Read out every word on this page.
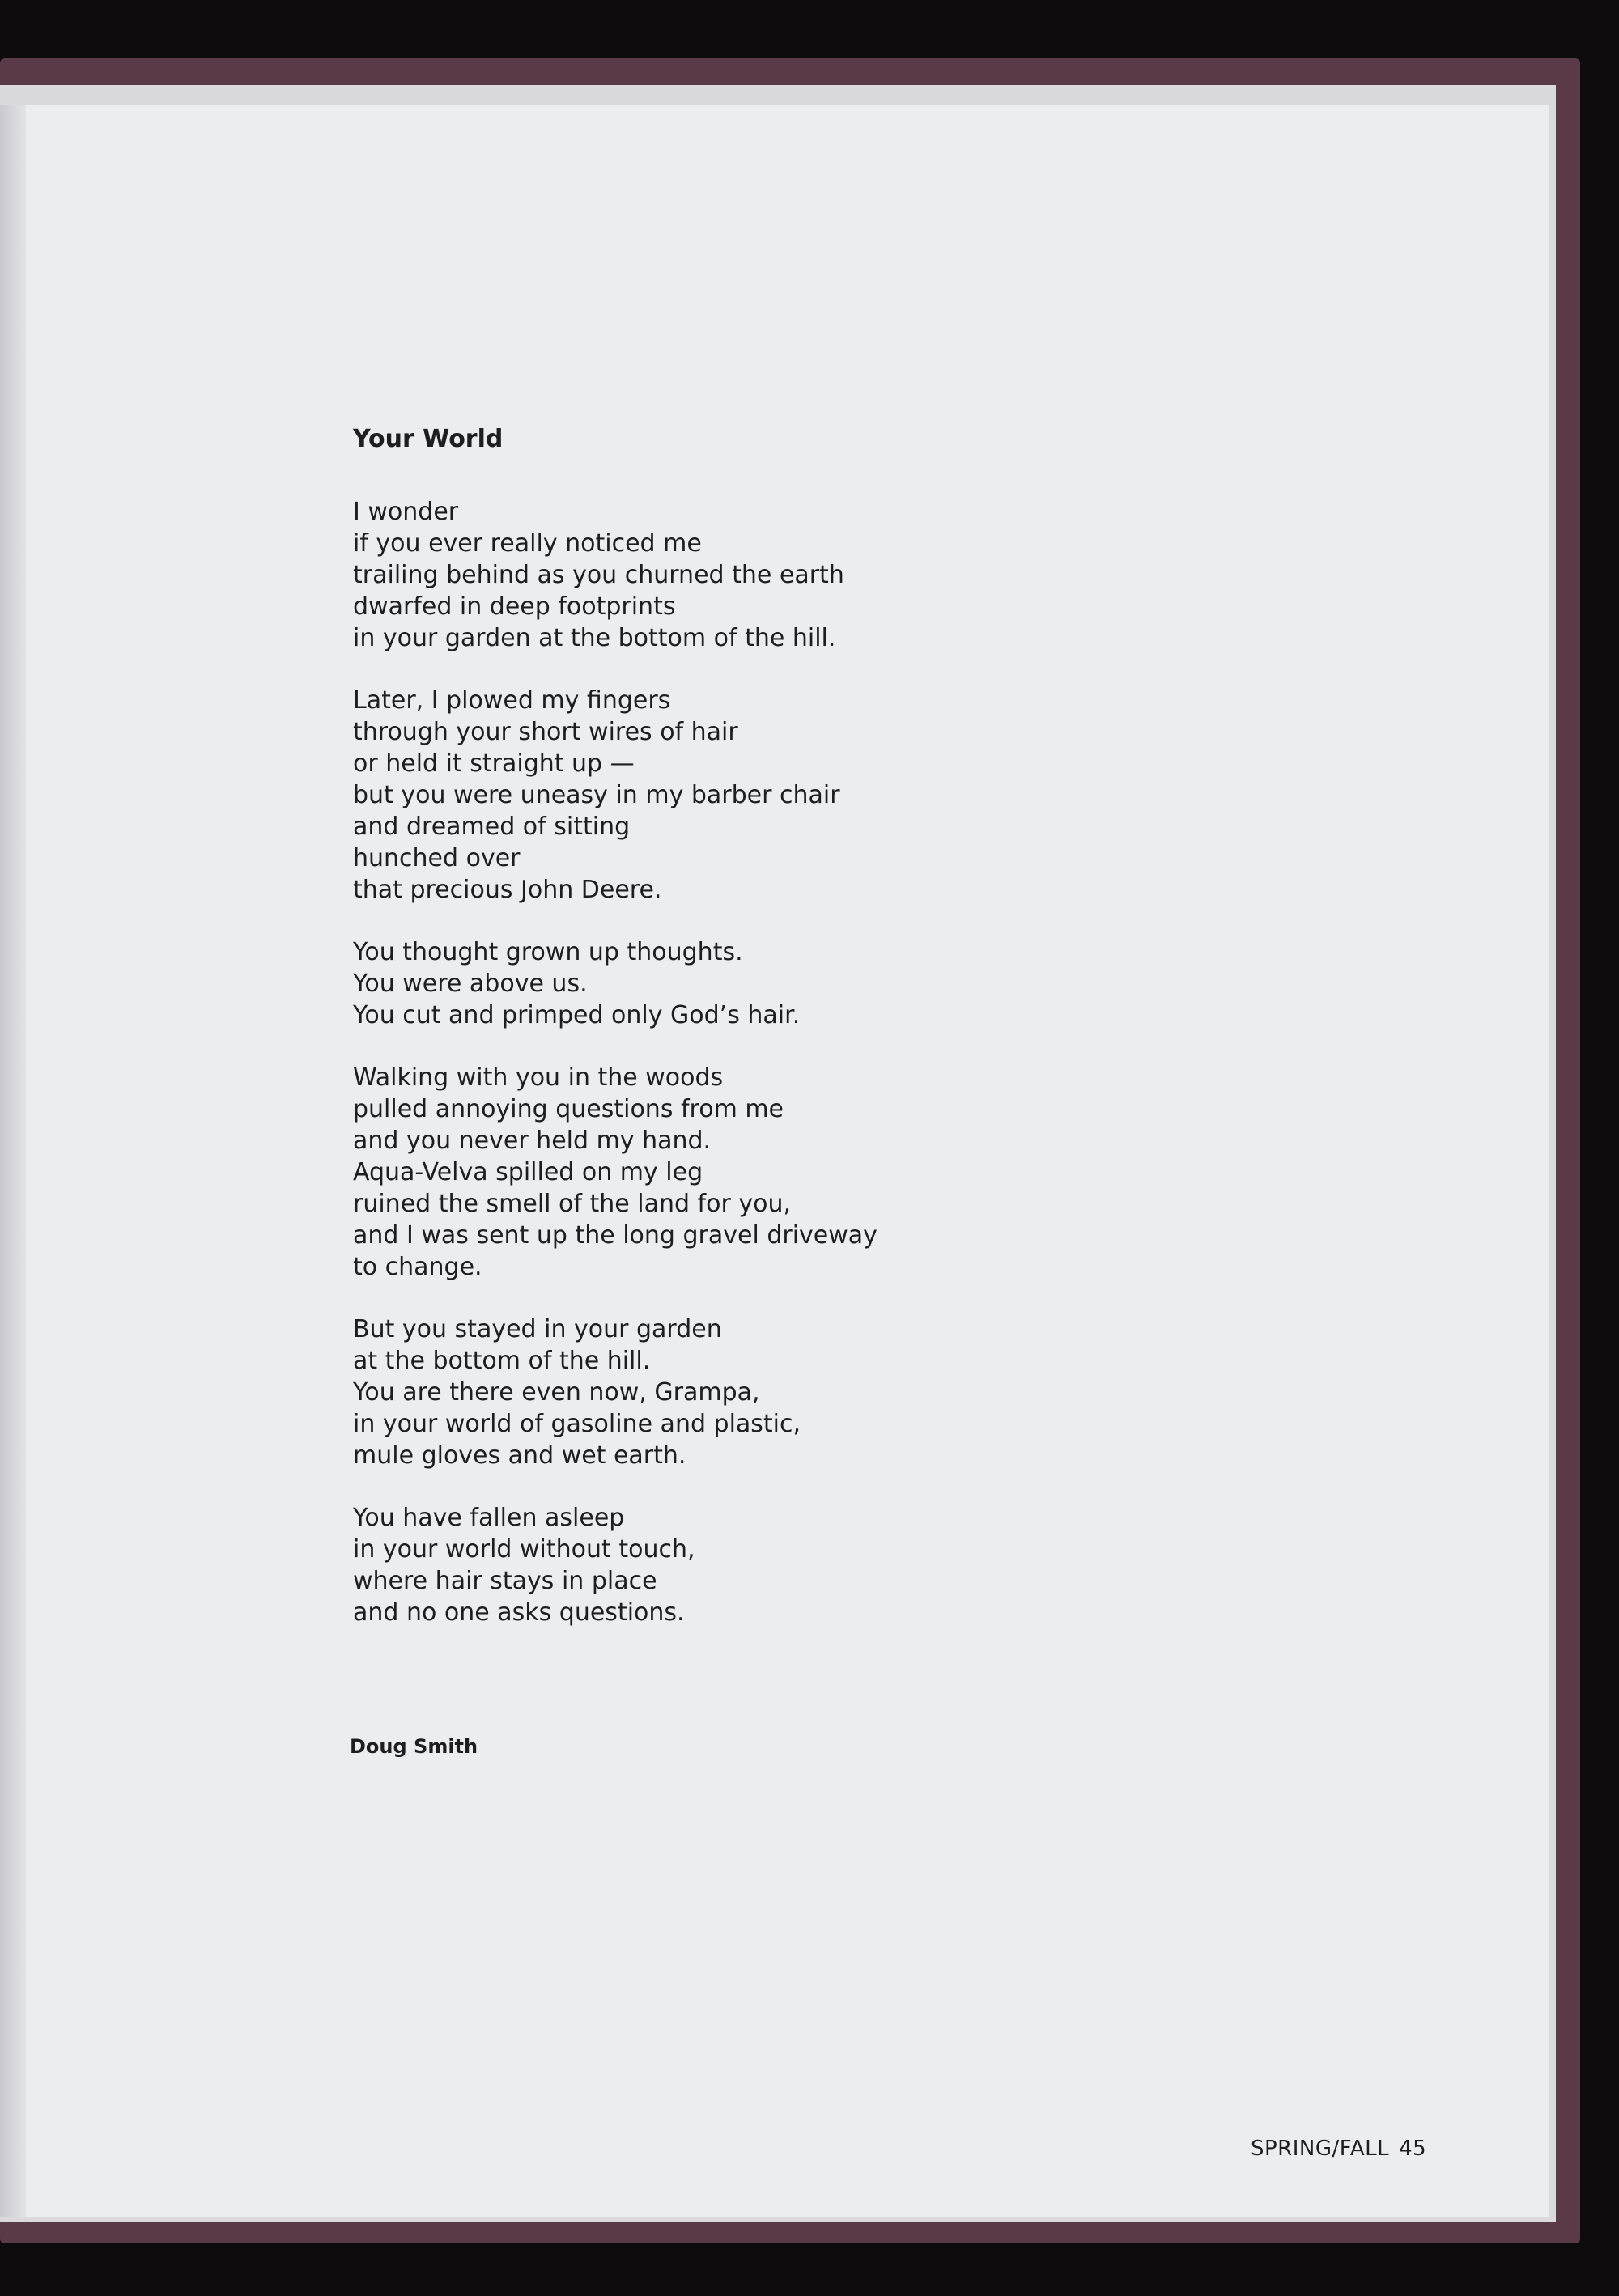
Your World
I wonder
if you ever really noticed me
trailing behind as you churned the earth
dwarfed in deep footprints
in your garden at the bottom of the hill.
Later, I plowed my fingers
through your short wires of hair
or held it straight up —
but you were uneasy in my barber chair
and dreamed of sitting
hunched over
that precious John Deere.
You thought grown up thoughts.
You were above us.
You cut and primped only God’s hair.
Walking with you in the woods
pulled annoying questions from me
and you never held my hand.
Aqua-Velva spilled on my leg
ruined the smell of the land for you,
and I was sent up the long gravel driveway
to change.
But you stayed in your garden
at the bottom of the hill.
You are there even now, Grampa,
in your world of gasoline and plastic,
mule gloves and wet earth.
You have fallen asleep
in your world without touch,
where hair stays in place
and no one asks questions.
Doug Smith
SPRING/FALL 45
